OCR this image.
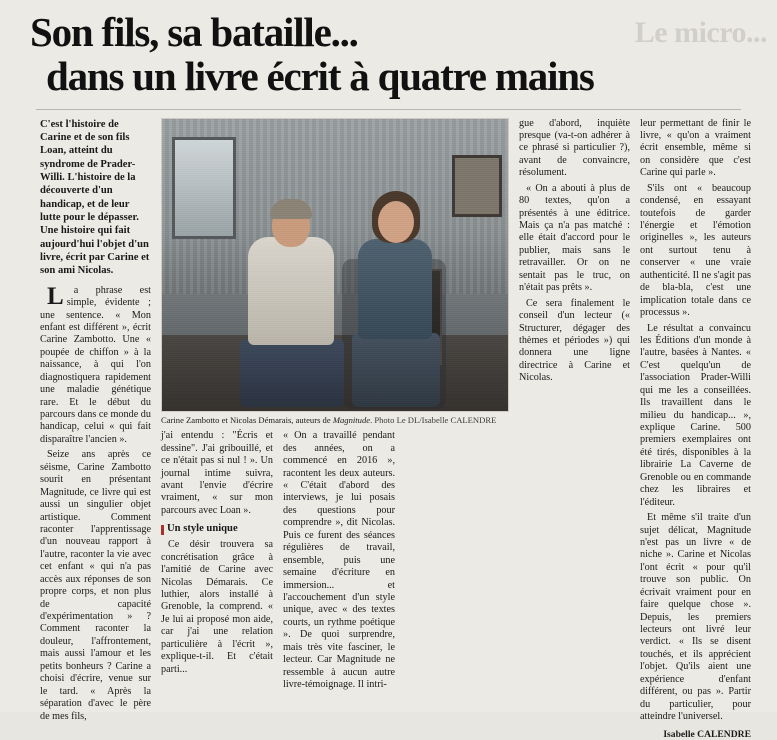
Le micro...
Son fils, sa bataille...
dans un livre écrit à quatre mains
C'est l'histoire de Carine et de son fils Loan, atteint du syndrome de Prader-Willi. L'histoire de la découverte d'un handicap, et de leur lutte pour le dépasser. Une histoire qui fait aujourd'hui l'objet d'un livre, écrit par Carine et son ami Nicolas.

La phrase est simple, évidente ; une sentence. « Mon enfant est différent », écrit Carine Zambotto. Une « poupée de chiffon » à la naissance, à qui l'on diagnostiquera rapidement une maladie génétique rare. Et le début du parcours dans ce monde du handicap, celui « qui fait disparaître l'ancien ».

Seize ans après ce séisme, Carine Zambotto sourit en présentant Magnitude, ce livre qui est aussi un singulier objet artistique. Comment raconter l'apprentissage d'un nouveau rapport à l'autre, raconter la vie avec cet enfant « qui n'a pas accès aux réponses de son propre corps, et non plus de capacité d'expérimentation » ? Comment raconter la douleur, l'affrontement, mais aussi l'amour et les petits bonheurs ? Carine a choisi d'écrire, venue sur le tard. « Après la séparation d'avec le père de mes fils,

Carine Zambotto et Nicolas Démarais, auteurs de Magnitude. Photo Le DL/Isabelle CALENDRE

j'ai entendu : "Écris et dessine". J'ai gribouillé, et ce n'était pas si nul ! ». Un journal intime suivra, avant l'envie d'écrire vraiment, « sur mon parcours avec Loan ».

Un style unique

Ce désir trouvera sa concrétisation grâce à l'amitié de Carine avec Nicolas Démarais. Ce luthier, alors installé à Grenoble, la comprend. « Je lui ai proposé mon aide, car j'ai une relation particulière à l'écrit », explique-t-il. Et c'était parti...

« On a travaillé pendant des années, on a commencé en 2016 », racontent les deux auteurs. « C'était d'abord des interviews, je lui posais des questions pour comprendre », dit Nicolas. Puis ce furent des séances régulières de travail, ensemble, puis une semaine d'écriture en immersion... et l'accouchement d'un style unique, avec « des textes courts, un rythme poétique ». De quoi surprendre, mais très vite fasciner, le lecteur. Car Magnitude ne ressemble à aucun autre livre-témoignage. Il intri-

gue d'abord, inquiète presque (va-t-on adhérer à ce phrasé si particulier ?), avant de convaincre, résolument.

« On a abouti à plus de 80 textes, qu'on a présentés à une éditrice. Mais ça n'a pas matché : elle était d'accord pour le publier, mais sans le retravailler. Or on ne sentait pas le truc, on n'était pas prêts ».

Ce sera finalement le conseil d'un lecteur (« Structurer, dégager des thèmes et périodes ») qui donnera une ligne directrice à Carine et Nicolas.

leur permettant de finir le livre, « qu'on a vraiment écrit ensemble, même si on considère que c'est Carine qui parle ».

S'ils ont « beaucoup condensé, en essayant toutefois de garder l'énergie et l'émotion originelles », les auteurs ont surtout tenu à conserver « une vraie authenticité. Il ne s'agit pas de bla-bla, c'est une implication totale dans ce processus ».

Le résultat a convaincu les Éditions d'un monde à l'autre, basées à Nantes. « C'est quelqu'un de l'association Prader-Willi qui me les a conseillées. Ils travaillent dans le milieu du handicap... », explique Carine. 500 premiers exemplaires ont été tirés, disponibles à la librairie La Caverne de Grenoble ou en commande chez les libraires et l'éditeur.

Et même s'il traite d'un sujet délicat, Magnitude n'est pas un livre « de niche ». Carine et Nicolas l'ont écrit « pour qu'il trouve son public. On écrivait vraiment pour en faire quelque chose ». Depuis, les premiers lecteurs ont livré leur verdict. « Ils se disent touchés, et ils apprécient l'objet. Qu'ils aient une expérience d'enfant différent, ou pas ». Partir du particulier, pour atteindre l'universel.

Isabelle CALENDRE
